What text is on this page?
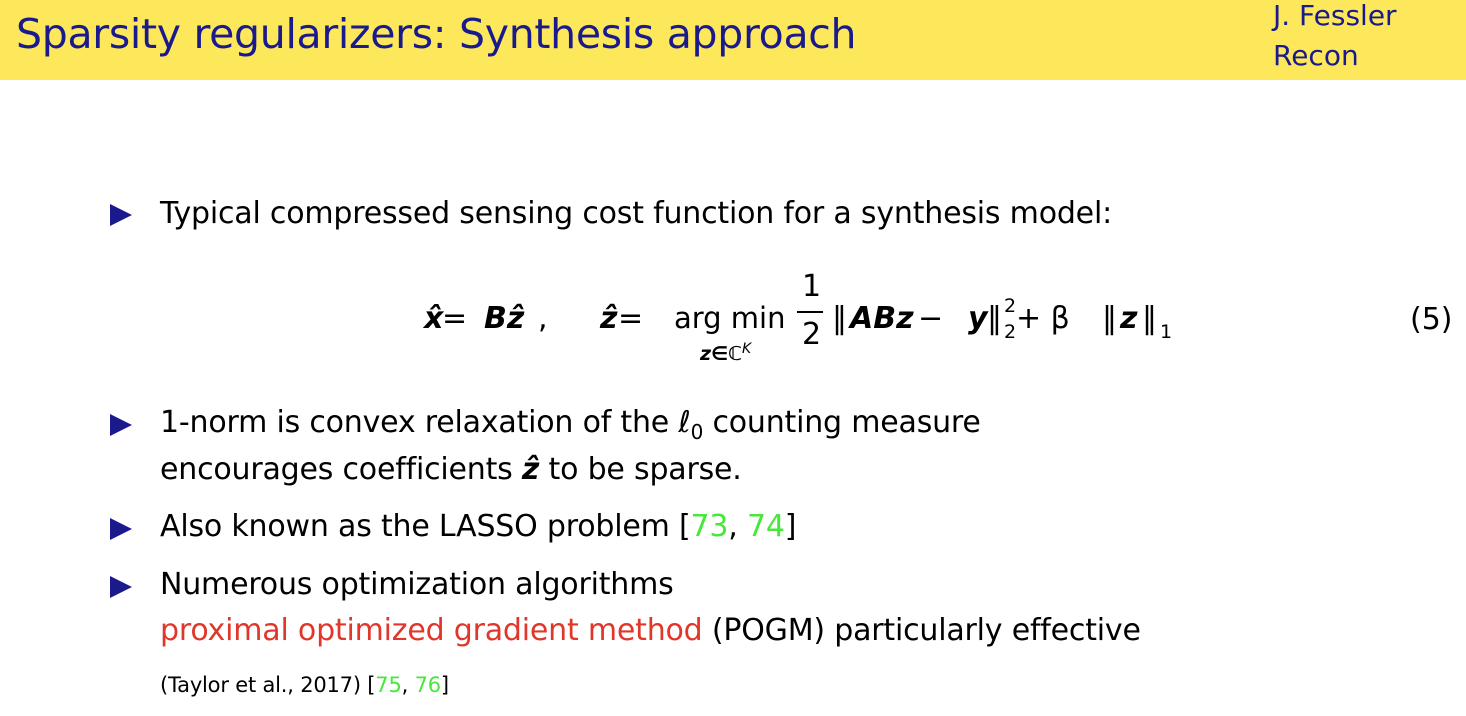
Sparsity regularizers: Synthesis approach	J. Fessler
Recon
Typical compressed sensing cost function for a synthesis model:
x̂
= Bẑ , ẑ = arg min
z∈ℂ$^K$
1
2 ‖ ABz − y ‖ 2
2 + β ‖ z ‖ 1	(5)
1-norm is convex relaxation of the ℓ$_0$ counting measure
encourages coefficients ẑ to be sparse.
Also known as the LASSO problem [73, 74]
Numerous optimization algorithms
proximal optimized gradient method (POGM) particularly effective
(Taylor et al., 2017) [75, 76]
